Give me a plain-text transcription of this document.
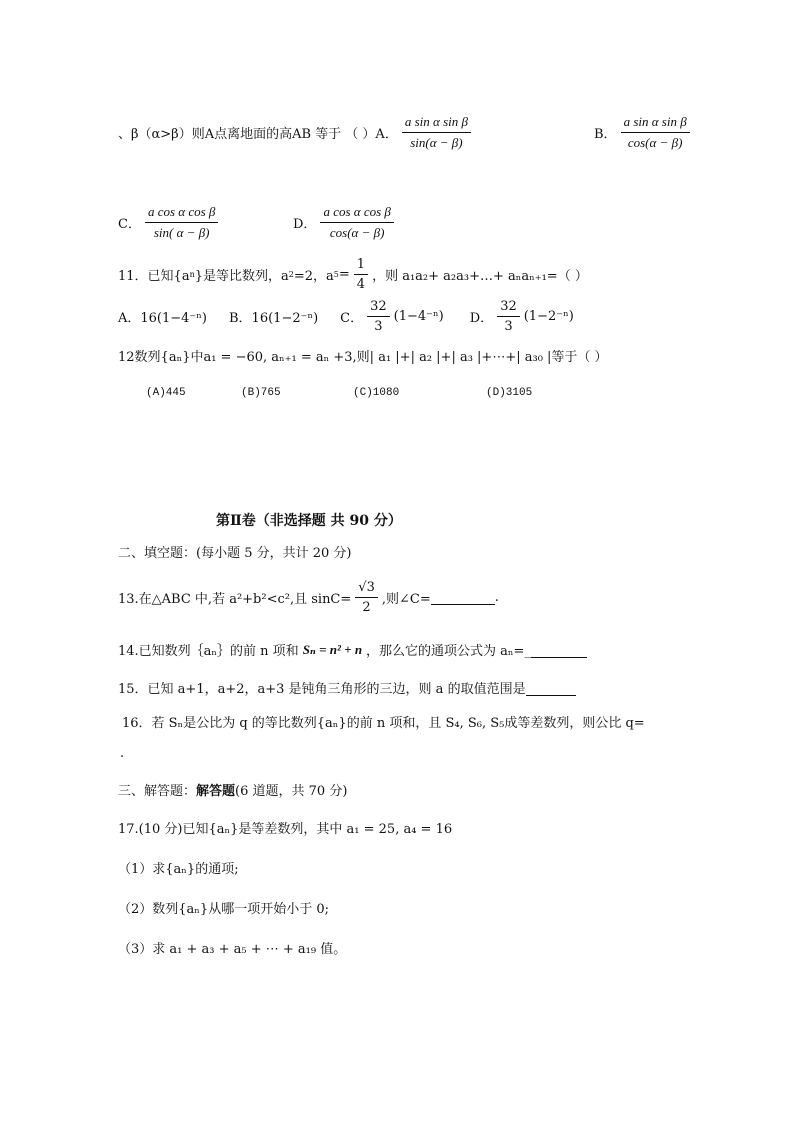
、β（α>β）则A点离地面的高AB 等于 （ ）A． $\frac{\text{a sin α sin β}}{\sin(\alpha - \beta)}$	B． $\frac{\text{a sin α sin β}}{\cos(\alpha - \beta)}$
C． $\frac{\text{a cos α cos β}}{\sin( \alpha - \beta)}$	D． $\frac{\text{a cos α cos β}}{\cos(\alpha - \beta)}$
11．已知{a n }是等比数列，a 2 =2，a $5 = \frac{1}{4}$ ，则 a₁a₂+ a₂a₃+…+ aₙaₙ₊₁=（ ）
A．16(1−4⁻ⁿ) B．16(1−2⁻ⁿ) C． $\frac{32}{3} (1-4^{-n})$ D． $\frac{32}{3} (1-2^{-n})$
12数列{aₙ}中a₁ = −60, aₙ₊₁ = aₙ +3,则| a₁ |+| a₂ |+| a₃ |+⋯+| a₃₀ |等于（ ）
(A)445	(B)765	(C)1080	(D)3105
第Ⅱ卷（非选择题 共 90 分）
二、填空题：(每小题 5 分，共计 20 分)
13.在△ABC 中,若 a²+b²<c²,且 $\sin C= \frac{√3}{2}$ ,则∠C=
	.
14.已知数列｛aₙ｝的前 n 项和 Sₙ = n² + n ，那么它的通项公式为 aₙ=_

15．已知 a+1，a+2，a+3 是钝角三角形的三边，则 a 的取值范围是

16．若 Sₙ是公比为 q 的等比数列{aₙ}的前 n 项和，且 S₄, S₆, S₅成等差数列，则公比 q=
.
三、解答题：解答题(6 道题，共 70 分)
17.(10 分)已知{aₙ}是等差数列，其中 a₁ = 25, a₄ = 16
（1）求{aₙ}的通项;
（2）数列{aₙ}从哪一项开始小于 0;
（3）求 a₁ + a₃ + a₅ + ⋯ + a₁₉ 值。
